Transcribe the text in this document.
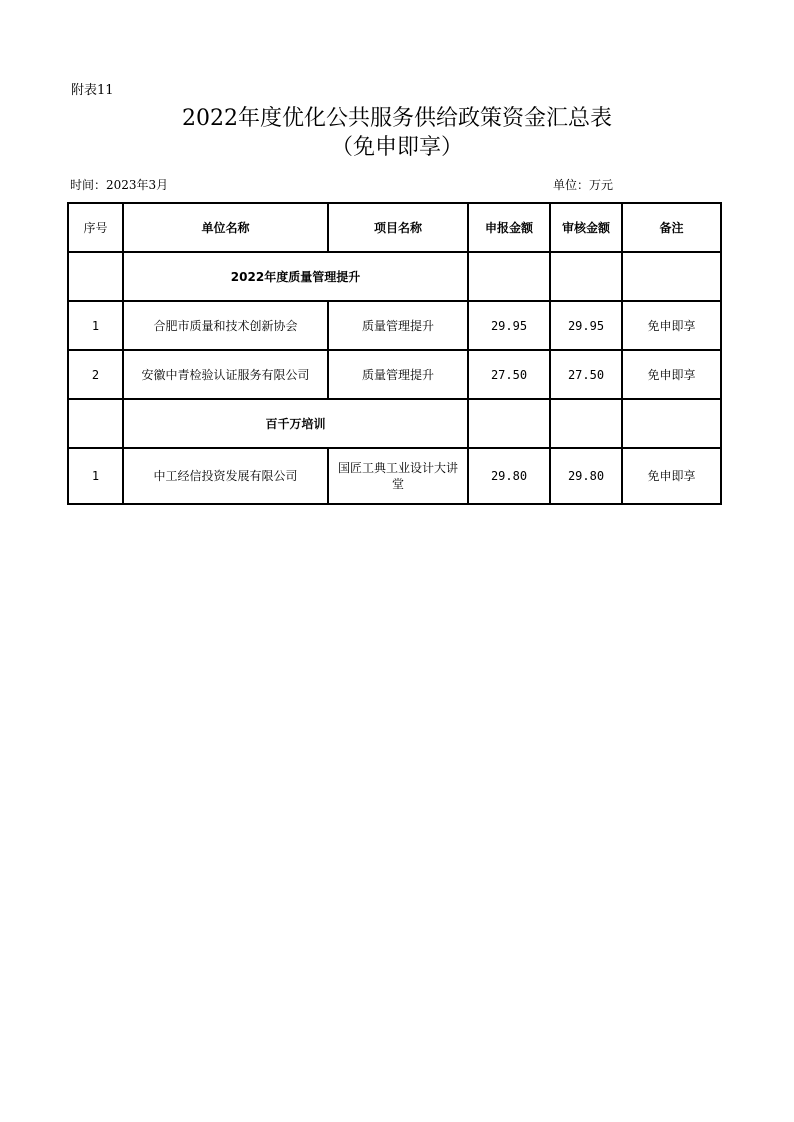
附表11
2022年度优化公共服务供给政策资金汇总表
（免申即享）
时间：2023年3月	单位：万元
序号	单位名称	项目名称	申报金额	审核金额	备注
	2022年度质量管理提升				
1	合肥市质量和技术创新协会	质量管理提升	29.95	29.95	免申即享
2	安徽中青检验认证服务有限公司	质量管理提升	27.50	27.50	免申即享
	百千万培训				
1	中工经信投资发展有限公司	国匠工典工业设计大讲堂	29.80	29.80	免申即享
